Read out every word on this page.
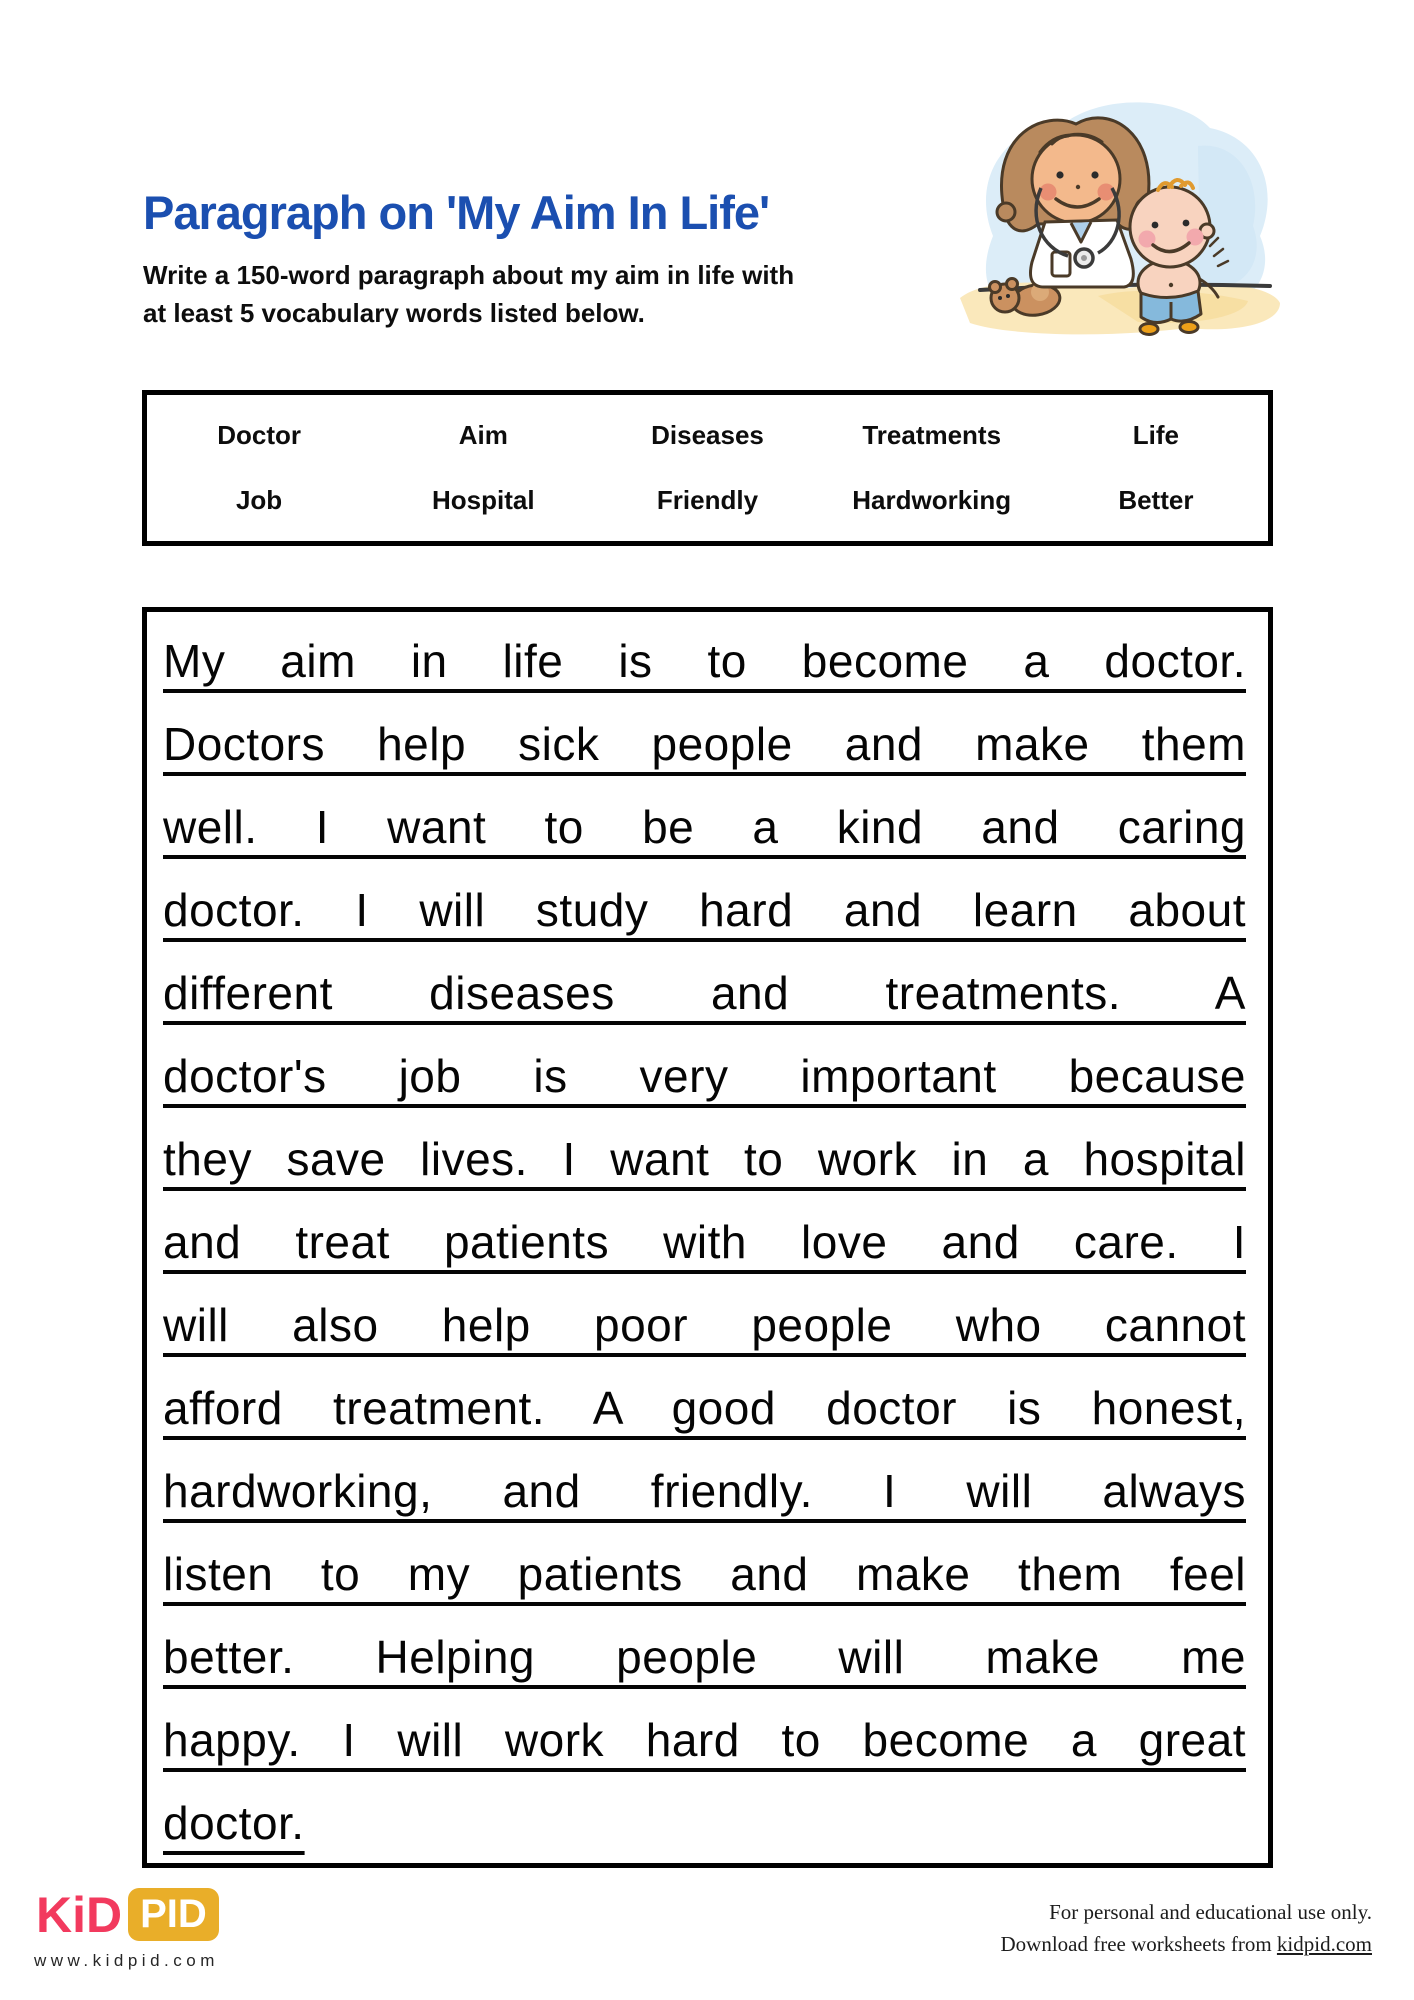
Paragraph on 'My Aim In Life'
Write a 150-word paragraph about my aim in life with
at least 5 vocabulary words listed below.
Doctor	Aim	Diseases	Treatments	Life
Job	Hospital	Friendly	Hardworking	Better
My aim in life is to become a doctor.
Doctors help sick people and make them
well. I want to be a kind and caring
doctor. I will study hard and learn about
different diseases and treatments. A
doctor's job is very important because
they save lives. I want to work in a hospital
and treat patients with love and care. I
will also help poor people who cannot
afford treatment. A good doctor is honest,
hardworking, and friendly. I will always
listen to my patients and make them feel
better. Helping people will make me
happy. I will work hard to become a great
doctor.
KiD PID
www.kidpid.com
For personal and educational use only.
Download free worksheets from kidpid.com
